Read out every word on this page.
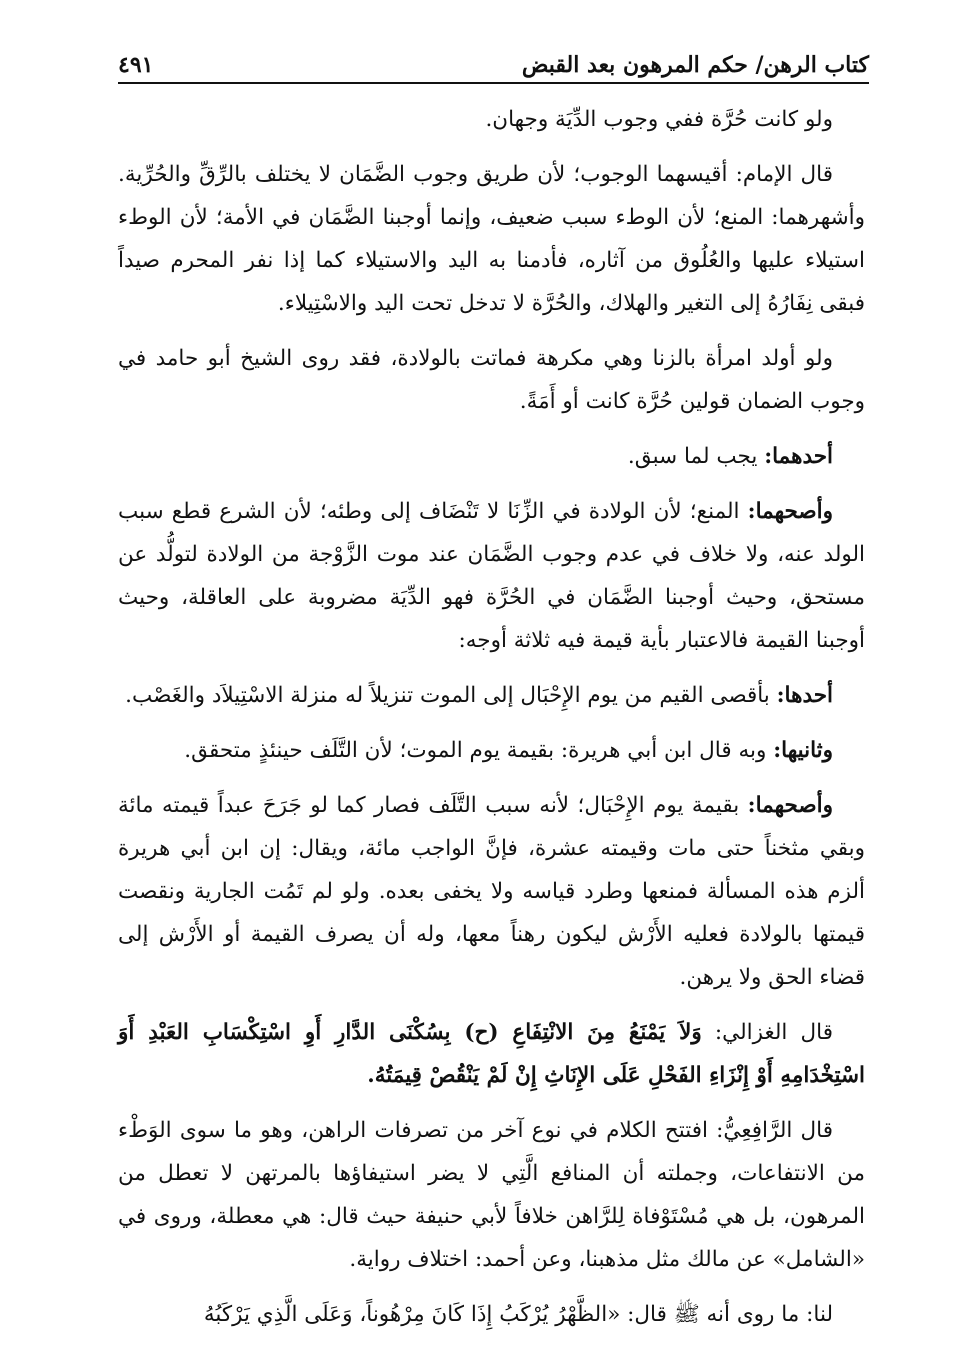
كتاب الرهن/ حكم المرهون بعد القبض
٤٩١

ولو كانت حُرَّة ففي وجوب الدِّيَة وجهان.

قال الإمام: أقيسهما الوجوب؛ لأن طريق وجوب الضَّمَان لا يختلف بالرِّقِّ والحُرِّية. وأشهرهما: المنع؛ لأن الوطء سبب ضعيف، وإنما أوجبنا الضَّمَان في الأمة؛ لأن الوطء استيلاء عليها والعُلُوق من آثاره، فأدمنا به اليد والاستيلاء كما إذا نفر المحرم صيداً فبقى نِفَارُهُ إلى التغير والهلاك، والحُرَّة لا تدخل تحت اليد والاسْتِيلاء.

ولو أولد امرأة بالزنا وهي مكرهة فماتت بالولادة، فقد روى الشيخ أبو حامد في وجوب الضمان قولين حُرَّة كانت أو أَمَةً.

أحدهما: يجب لما سبق.

وأصحهما: المنع؛ لأن الولادة في الزِّنَا لا تَنْضَاف إلى وطئه؛ لأن الشرع قطع سبب الولد عنه، ولا خلاف في عدم وجوب الضَّمَان عند موت الزَّوْجة من الولادة لتولُّد عن مستحق، وحيث أوجبنا الضَّمَان في الحُرَّة فهو الدِّيَة مضروبة على العاقلة، وحيث أوجبنا القيمة فالاعتبار بأية قيمة فيه ثلاثة أوجه:

أحدها: بأقصى القيم من يوم الإِحْبَال إلى الموت تنزيلاً له منزلة الاسْتِيلاَد والغَصْب.

وثانيها: وبه قال ابن أبي هريرة: بقيمة يوم الموت؛ لأن التَّلَف حينئذٍ متحقق.

وأصحهما: بقيمة يوم الإِحْبَال؛ لأنه سبب التَّلَف فصار كما لو جَرَحَ عبداً قيمته مائة وبقي مثخناً حتى مات وقيمته عشرة، فإنَّ الواجب مائة، ويقال: إن ابن أبي هريرة ألزم هذه المسألة فمنعها وطرد قياسه ولا يخفى بعده. ولو لم تَمُت الجارية ونقصت قيمتها بالولادة فعليه الأَرْش ليكون رهناً معها، وله أن يصرف القيمة أو الأَرْش إلى قضاء الحق ولا يرهن.

قال الغزالي: وَلاَ يَمْنَعُ مِنَ الانْتِفَاعِ (ح) بِسُكْنَى الدَّارِ أَوِ اسْتِكْسَابِ العَبْدِ أَوَ اسْتِخْدَامِهِ أَوْ إِنْزَاءِ الفَحْلِ عَلَى الإِنَاثِ إِنْ لَمْ يَنْقُصْ قِيمَتُهُ.

قال الرَّافِعِيُّ: افتتح الكلام في نوع آخر من تصرفات الراهن، وهو ما سوى الوَطْء من الانتفاعات، وجملته أن المنافع الَّتِي لا يضر استيفاؤها بالمرتهن لا تعطل من المرهون، بل هي مُسْتَوْفاة لِلرَّاهن خلافاً لأبي حنيفة حيث قال: هي معطلة، وروى في «الشامل» عن مالك مثل مذهبنا، وعن أحمد: اختلاف رواية.

لنا: ما روى أنه ﷺ قال: «الظَّهْرُ يُرْكَبُ إِذَا كَانَ مِرْهُوناً، وَعَلَى الَّذِي يَرْكَبُهُ
